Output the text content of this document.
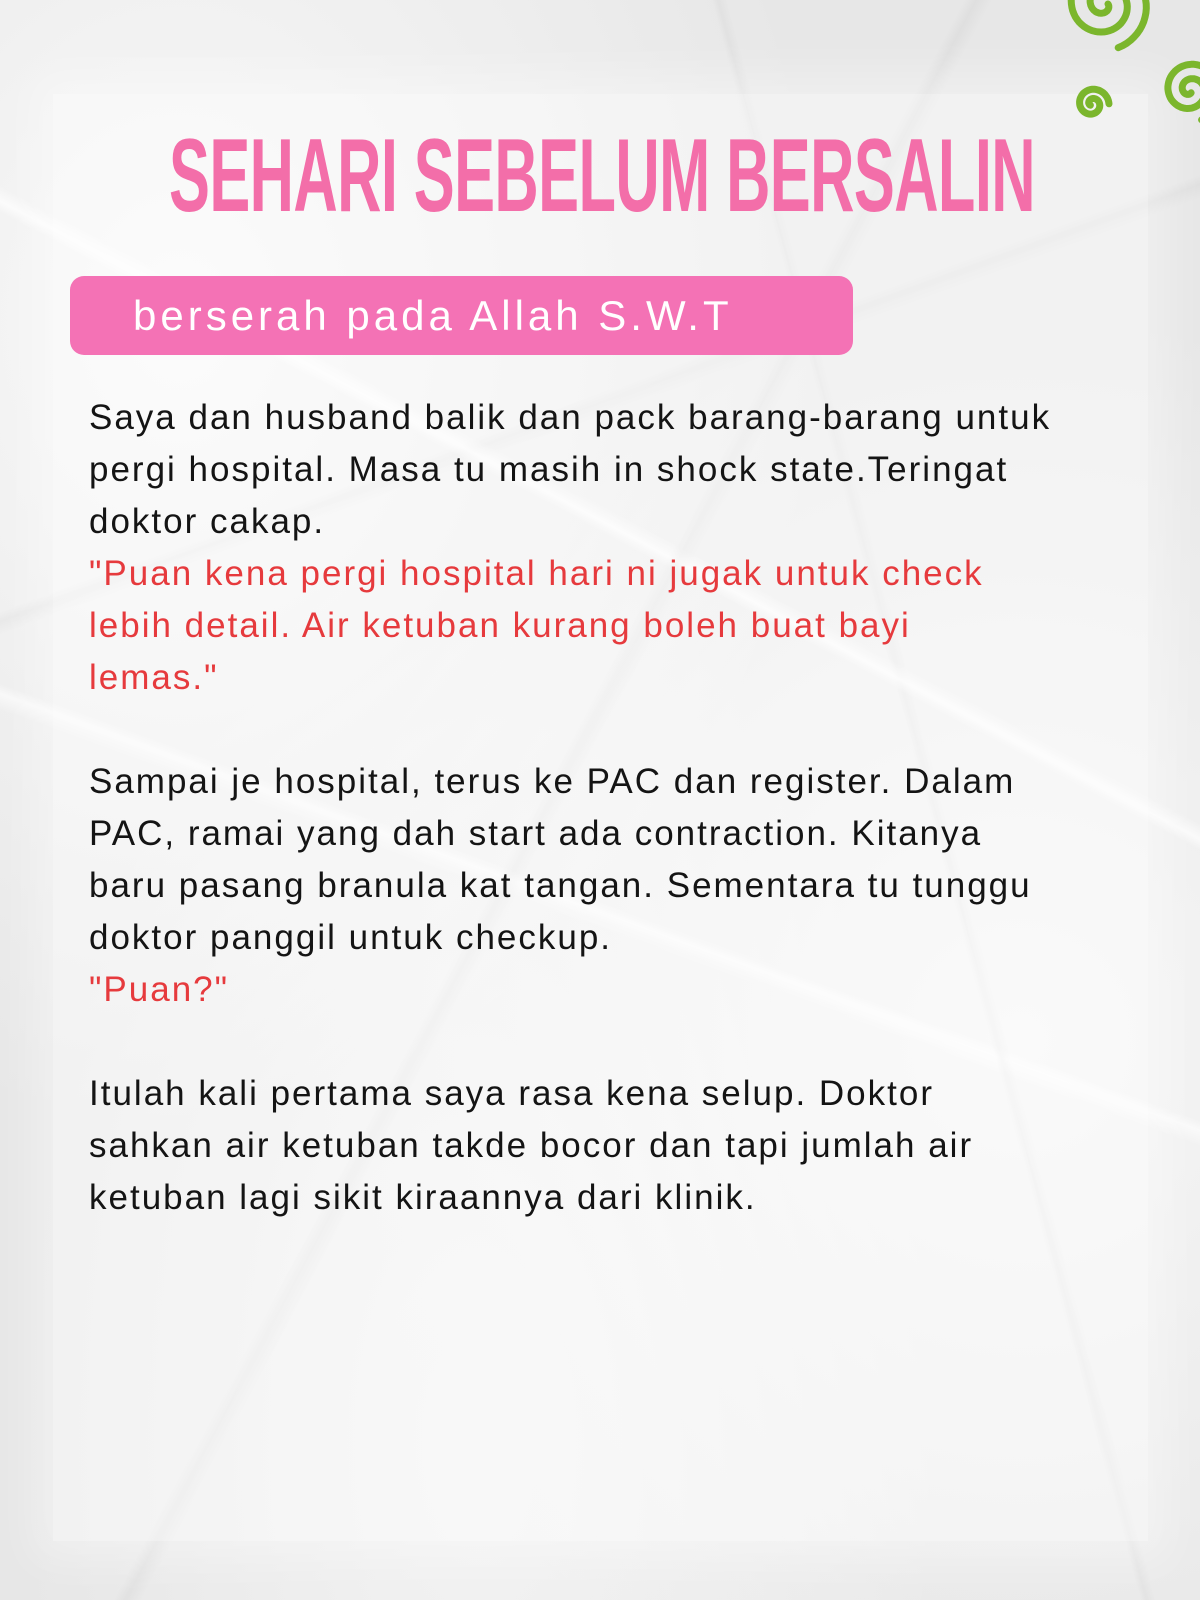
SEHARI SEBELUM BERSALIN
berserah pada Allah S.W.T
Saya dan husband balik dan pack barang-barang untuk
pergi hospital. Masa tu masih in shock state.Teringat
doktor cakap.
"Puan kena pergi hospital hari ni jugak untuk check
lebih detail. Air ketuban kurang boleh buat bayi
lemas."
Sampai je hospital, terus ke PAC dan register. Dalam
PAC, ramai yang dah start ada contraction. Kitanya
baru pasang branula kat tangan. Sementara tu tunggu
doktor panggil untuk checkup.
"Puan?"
Itulah kali pertama saya rasa kena selup. Doktor
sahkan air ketuban takde bocor dan tapi jumlah air
ketuban lagi sikit kiraannya dari klinik.
